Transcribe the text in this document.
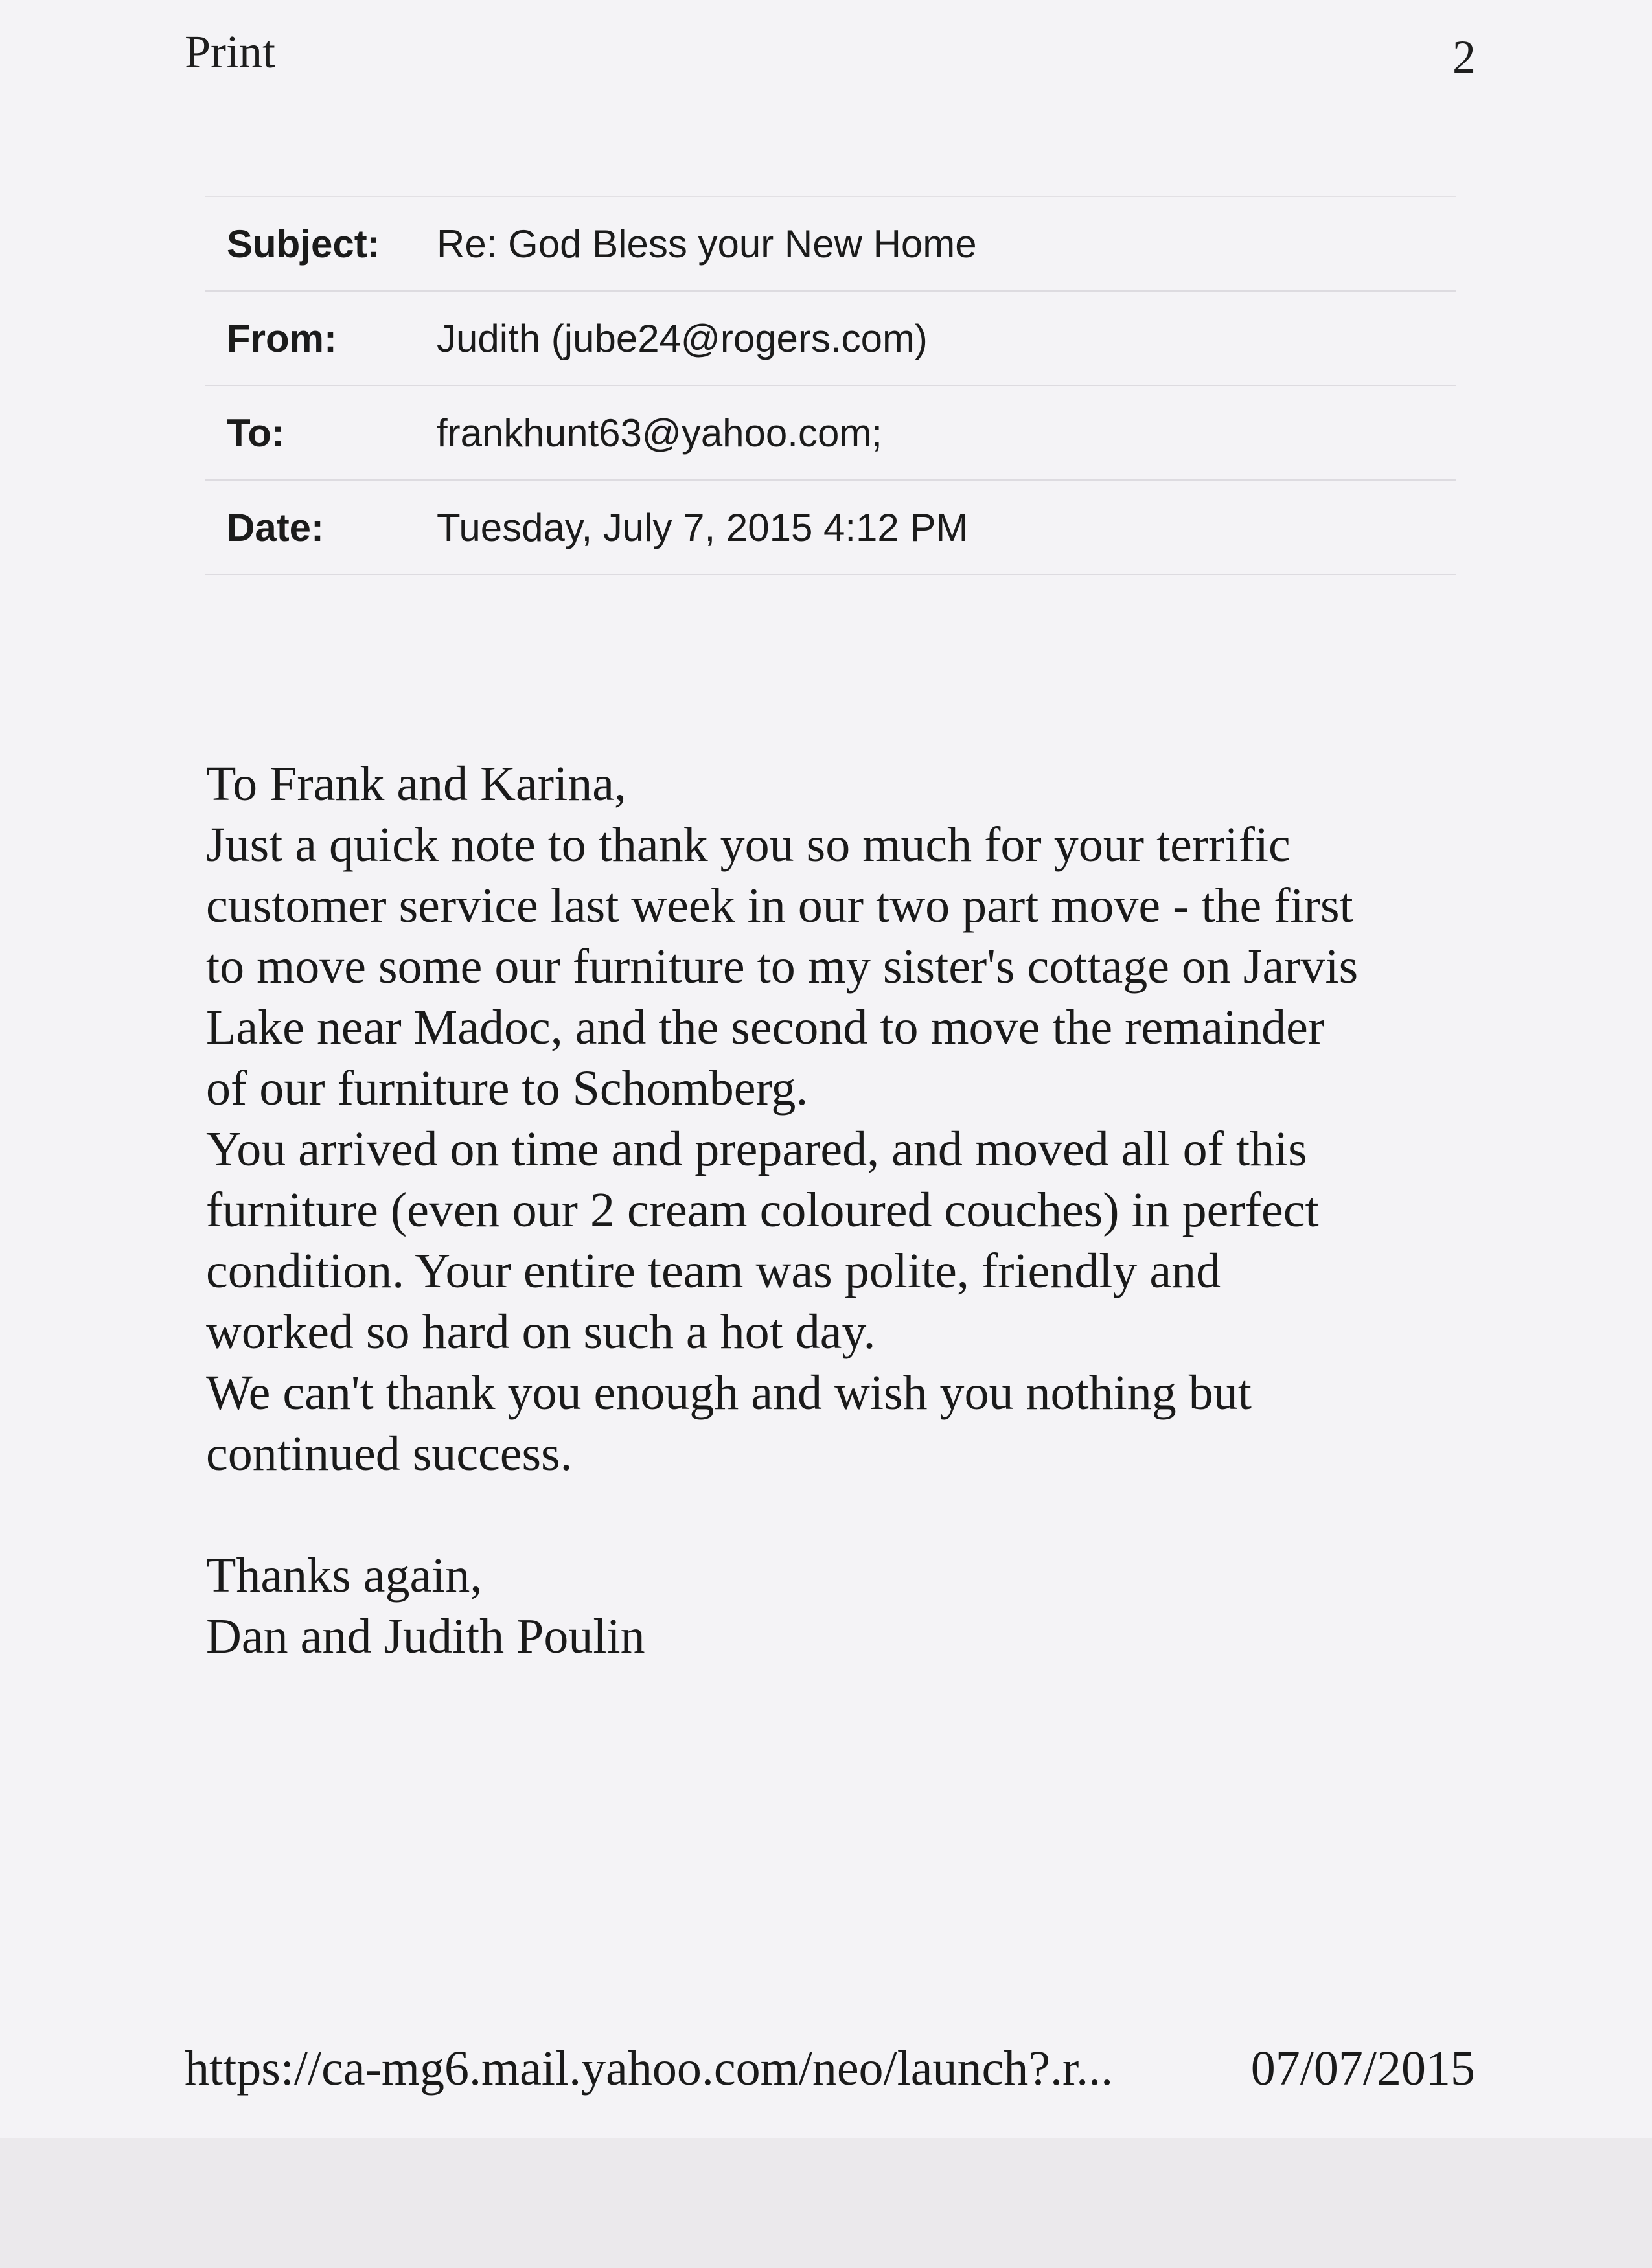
Print	2
Subject:	Re: God Bless your New Home
From:	Judith (jube24@rogers.com)
To:	frankhunt63@yahoo.com;
Date:	Tuesday, July 7, 2015 4:12 PM
To Frank and Karina,
Just a quick note to thank you so much for your terrific
customer service last week in our two part move - the first
to move some our furniture to my sister's cottage on Jarvis
Lake near Madoc, and the second to move the remainder
of our furniture to Schomberg.
You arrived on time and prepared, and moved all of this
furniture (even our 2 cream coloured couches) in perfect
condition. Your entire team was polite, friendly and
worked so hard on such a hot day.
We can't thank you enough and wish you nothing but
continued success.
Thanks again,
Dan and Judith Poulin
https://ca-mg6.mail.yahoo.com/neo/launch?.r...	07/07/2015
